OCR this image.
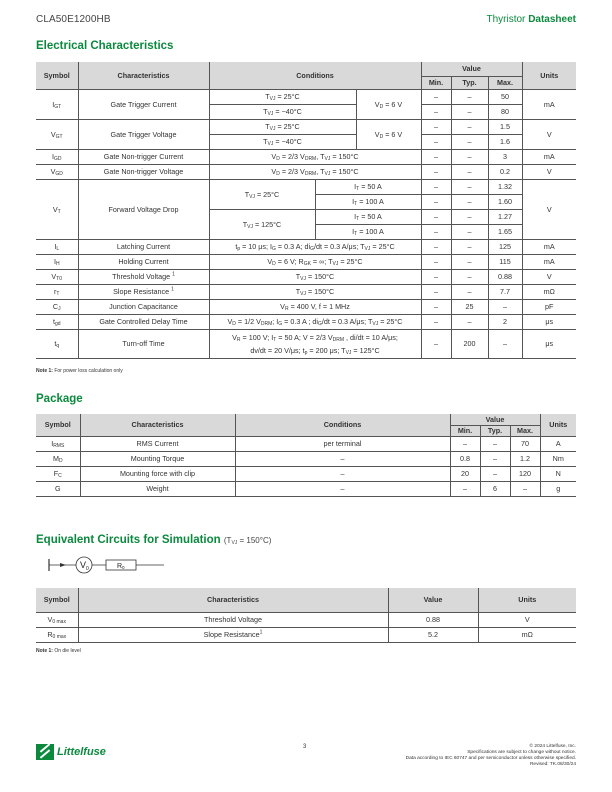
CLA50E1200HB	Thyristor Datasheet
Electrical Characteristics
Symbol	Characteristics	Conditions			Value			Units
					Min.	Typ.	Max.	
$I_{GT}$	Gate Trigger Current	$T_{VJ} = 25^\circ C$		$V_D = 6$ V	–	–	50	mA
		$T_{VJ} = -40^\circ C$			–	–	80	
$V_{GT}$	Gate Trigger Voltage	$T_{VJ} = 25^\circ C$		$V_D = 6$ V	–	–	1.5	V
		$T_{VJ} = -40^\circ C$			–	–	1.6	
$I_{GD}$	Gate Non-trigger Current	$V_D = 2/3$ $V_{DRM}$, $T_{VJ} = 150^\circ C$			–	–	3	mA
$V_{GD}$	Gate Non-trigger Voltage	$V_D = 2/3$ $V_{DRM}$, $T_{VJ} = 150^\circ C$			–	–	0.2	V
$V_T$	Forward Voltage Drop	$T_{VJ} = 25^\circ C$	$I_T = 50$ A		–	–	1.32	V
			$I_T = 100$ A		–	–	1.60	
		$T_{VJ} = 125^\circ C$	$I_T = 50$ A		–	–	1.27	
			$I_T = 100$ A		–	–	1.65	
$I_L$	Latching Current	$t_p = 10$ μs; $I_G = 0.3$ A; $di_G/dt = 0.3$ A/μs; $T_{VJ} = 25^\circ C$			–	–	125	mA
$I_H$	Holding Current	$V_D = 6$ V; $R_{GK}$ = ∞; $T_{VJ} = 25^\circ C$			–	–	115	mA
$V_{T0}$	Threshold Voltage $^1$	$T_{VJ} = 150^\circ C$			–	–	0.88	V
$r_T$	Slope Resistance $^1$	$T_{VJ} = 150^\circ C$			–	–	7.7	mΩ
$C_J$	Junction Capacitance	$V_R = 400$ V, f = 1 MHz			–	25	–	pF
$t_{gd}$	Gate Controlled Delay Time	$V_D = 1/2$ $V_{DRM}$; $I_G = 0.3$ A ; $di_G/dt = 0.3$ A/μs; $T_{VJ} = 25^\circ C$			–	–	2	μs
$t_q$	Turn-off Time	$V_R = 100$ V; $I_T = 50$ A; V = 2/3 $V_{DRM}$ , di/dt = 10 A/μs;
dv/dt = 20 V/μs; $t_p = 200$ μs; $T_{VJ} = 125^\circ C$			–	200	–	μs
Note 1: For power loss calculation only
Package
Symbol	Characteristics	Conditions	Value			Units
			Min.	Typ.	Max.	
$I_{RMS}$	RMS Current	per terminal	–	–	70	A
$M_D$	Mounting Torque	–	0.8	–	1.2	Nm
$F_C$	Mounting force with clip	–	20	–	120	N
G	Weight	–	–	6	–	g
Equivalent Circuits for Simulation $(T_{VJ} = 150^\circ C)$
V 0	R 0
Symbol	Characteristics	Value	Units
$V_{0 max}$	Threshold Voltage	0.88	V
$R_{0 max}$	Slope Resistance$^1$	5.2	mΩ
Note 1: On die level
Littelfuse	3	© 2024 Littelfuse, Inc.
Specifications are subject to change without notice.
Data according to IEC 60747 and per semiconductor unless otherwise specified.
Revised: TK.08/30/24
